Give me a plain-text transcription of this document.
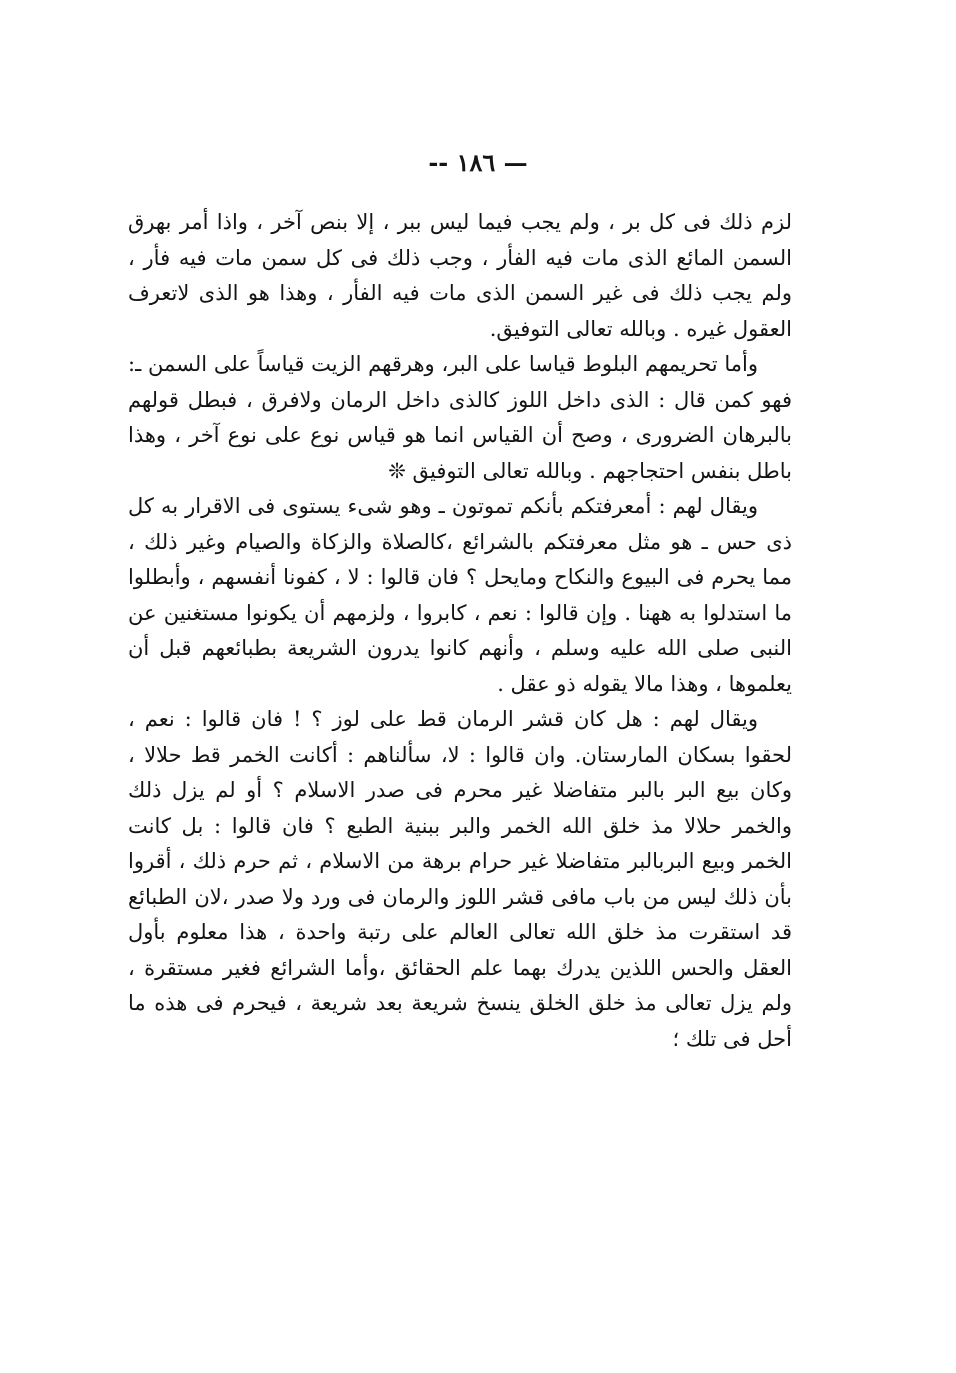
— ١٨٦ --

لزم ذلك فى كل بر ، ولم يجب فيما ليس ببر ، إلا بنص آخر ، واذا أمر بهرق السمن المائع الذى مات فيه الفأر ، وجب ذلك فى كل سمن مات فيه فأر ، ولم يجب ذلك فى غير السمن الذى مات فيه الفأر ، وهذا هو الذى لاتعرف العقول غيره . وبالله تعالى التوفيق.

وأما تحريمهم البلوط قياسا على البر، وهرقهم الزيت قياساً على السمن ـ: فهو كمن قال : الذى داخل اللوز كالذى داخل الرمان ولافرق ، فبطل قولهم بالبرهان الضرورى ، وصح أن القياس انما هو قياس نوع على نوع آخر ، وهذا باطل بنفس احتجاجهم . وبالله تعالى التوفيق ❊

ويقال لهم : أمعرفتكم بأنكم تموتون ـ وهو شىء يستوى فى الاقرار به كل ذى حس ـ هو مثل معرفتكم بالشرائع ،كالصلاة والزكاة والصيام وغير ذلك ، مما يحرم فى البيوع والنكاح ومايحل ؟ فان قالوا : لا ، كفونا أنفسهم ، وأبطلوا ما استدلوا به ههنا . وإن قالوا : نعم ، كابروا ، ولزمهم أن يكونوا مستغنين عن النبى صلى الله عليه وسلم ، وأنهم كانوا يدرون الشريعة بطبائعهم قبل أن يعلموها ، وهذا مالا يقوله ذو عقل .

ويقال لهم : هل كان قشر الرمان قط على لوز ؟ ! فان قالوا : نعم ، لحقوا بسكان المارستان. وان قالوا : لا، سألناهم : أكانت الخمر قط حلالا ، وكان بيع البر بالبر متفاضلا غير محرم فى صدر الاسلام ؟ أو لم يزل ذلك والخمر حلالا مذ خلق الله الخمر والبر ببنية الطبع ؟ فان قالوا : بل كانت الخمر وبيع البربالبر متفاضلا غير حرام برهة من الاسلام ، ثم حرم ذلك ، أقروا بأن ذلك ليس من باب مافى قشر اللوز والرمان فى ورد ولا صدر ،لان الطبائع قد استقرت مذ خلق الله تعالى العالم على رتبة واحدة ، هذا معلوم بأول العقل والحس اللذين يدرك بهما علم الحقائق ،وأما الشرائع فغير مستقرة ، ولم يزل تعالى مذ خلق الخلق ينسخ شريعة بعد شريعة ، فيحرم فى هذه ما أحل فى تلك ؛
